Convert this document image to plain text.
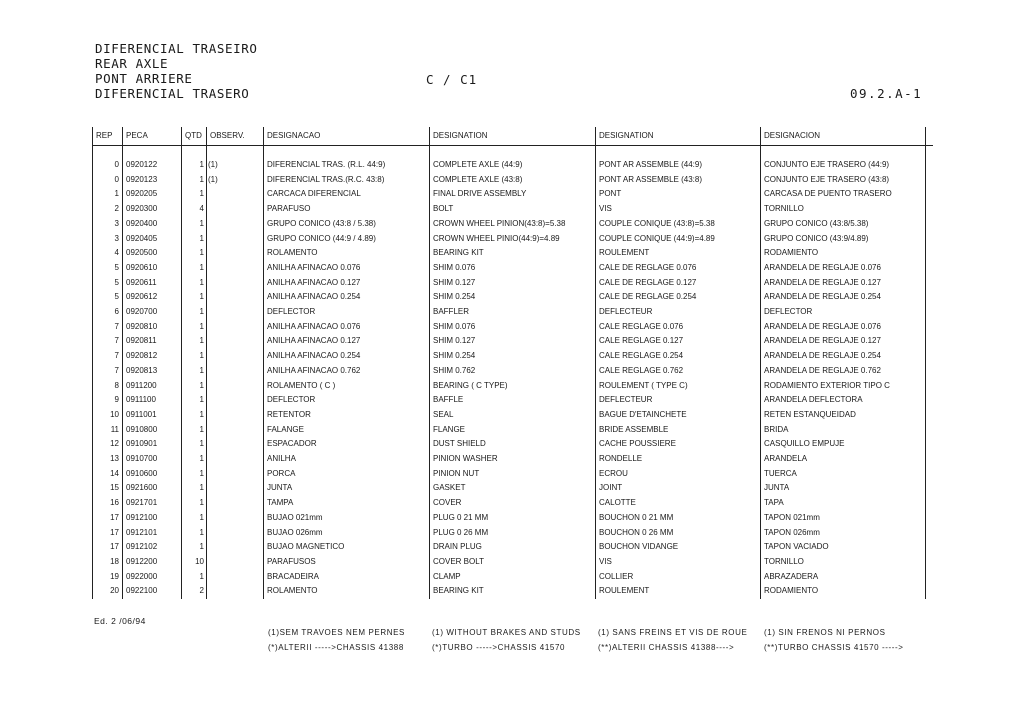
DIFERENCIAL TRASEIRO
REAR AXLE
PONT ARRIERE
DIFERENCIAL TRASERO
C / C1
09.2.A-1
REP	PECA	QTD	OBSERV.	DESIGNACAO	DESIGNATION	DESIGNATION	DESIGNACION	

0	0920122	1	(1)	DIFERENCIAL TRAS. (R.L. 44:9)	COMPLETE AXLE (44:9)	PONT AR ASSEMBLE (44:9)	CONJUNTO EJE TRASERO (44:9)	
0	0920123	1	(1)	DIFERENCIAL TRAS.(R.C. 43:8)	COMPLETE AXLE (43:8)	PONT AR ASSEMBLE (43:8)	CONJUNTO EJE TRASERO (43:8)	
1	0920205	1		CARCACA DIFERENCIAL	FINAL DRIVE ASSEMBLY	PONT	CARCASA DE PUENTO TRASERO	
2	0920300	4		PARAFUSO	BOLT	VIS	TORNILLO	
3	0920400	1		GRUPO CONICO (43:8 / 5.38)	CROWN WHEEL PINION(43:8)=5.38	COUPLE CONIQUE (43:8)=5.38	GRUPO CONICO (43:8/5.38)	
3	0920405	1		GRUPO CONICO (44:9 / 4.89)	CROWN WHEEL PINIO(44:9)=4.89	COUPLE CONIQUE (44:9)=4.89	GRUPO CONICO (43:9/4.89)	
4	0920500	1		ROLAMENTO	BEARING KIT	ROULEMENT	RODAMIENTO	
5	0920610	1		ANILHA AFINACAO 0.076	SHIM 0.076	CALE DE REGLAGE 0.076	ARANDELA DE REGLAJE 0.076	
5	0920611	1		ANILHA AFINACAO 0.127	SHIM 0.127	CALE DE REGLAGE 0.127	ARANDELA DE REGLAJE 0.127	
5	0920612	1		ANILHA AFINACAO 0.254	SHIM 0.254	CALE DE REGLAGE 0.254	ARANDELA DE REGLAJE 0.254	
6	0920700	1		DEFLECTOR	BAFFLER	DEFLECTEUR	DEFLECTOR	
7	0920810	1		ANILHA AFINACAO 0.076	SHIM 0.076	CALE REGLAGE 0.076	ARANDELA DE REGLAJE 0.076	
7	0920811	1		ANILHA AFINACAO 0.127	SHIM 0.127	CALE REGLAGE 0.127	ARANDELA DE REGLAJE 0.127	
7	0920812	1		ANILHA AFINACAO 0.254	SHIM 0.254	CALE REGLAGE 0.254	ARANDELA DE REGLAJE 0.254	
7	0920813	1		ANILHA AFINACAO 0.762	SHIM 0.762	CALE REGLAGE 0.762	ARANDELA DE REGLAJE 0.762	
8	0911200	1		ROLAMENTO ( C )	BEARING ( C TYPE)	ROULEMENT ( TYPE C)	RODAMIENTO EXTERIOR TIPO C	
9	0911100	1		DEFLECTOR	BAFFLE	DEFLECTEUR	ARANDELA DEFLECTORA	
10	0911001	1		RETENTOR	SEAL	BAGUE D'ETAINCHETE	RETEN ESTANQUEIDAD	
11	0910800	1		FALANGE	FLANGE	BRIDE ASSEMBLE	BRIDA	
12	0910901	1		ESPACADOR	DUST SHIELD	CACHE POUSSIERE	CASQUILLO EMPUJE	
13	0910700	1		ANILHA	PINION WASHER	RONDELLE	ARANDELA	
14	0910600	1		PORCA	PINION NUT	ECROU	TUERCA	
15	0921600	1		JUNTA	GASKET	JOINT	JUNTA	
16	0921701	1		TAMPA	COVER	CALOTTE	TAPA	
17	0912100	1		BUJAO 021mm	PLUG 0 21 MM	BOUCHON 0 21 MM	TAPON 021mm	
17	0912101	1		BUJAO 026mm	PLUG 0 26 MM	BOUCHON 0 26 MM	TAPON 026mm	
17	0912102	1		BUJAO MAGNETICO	DRAIN PLUG	BOUCHON VIDANGE	TAPON VACIADO	
18	0912200	10		PARAFUSOS	COVER BOLT	VIS	TORNILLO	
19	0922000	1		BRACADEIRA	CLAMP	COLLIER	ABRAZADERA	
20	0922100	2		ROLAMENTO	BEARING KIT	ROULEMENT	RODAMIENTO	
Ed. 2 /06/94
(1)SEM TRAVOES NEM PERNES	(1) WITHOUT BRAKES AND STUDS (1) SANS FREINS ET VIS DE ROUE (1) SIN FRENOS NI PERNOS
(*)ALTERII ----->CHASSIS 41388	(*)TURBO ----->CHASSIS 41570	(**)ALTERII CHASSIS 41388---->	(**)TURBO CHASSIS 41570 ----->
